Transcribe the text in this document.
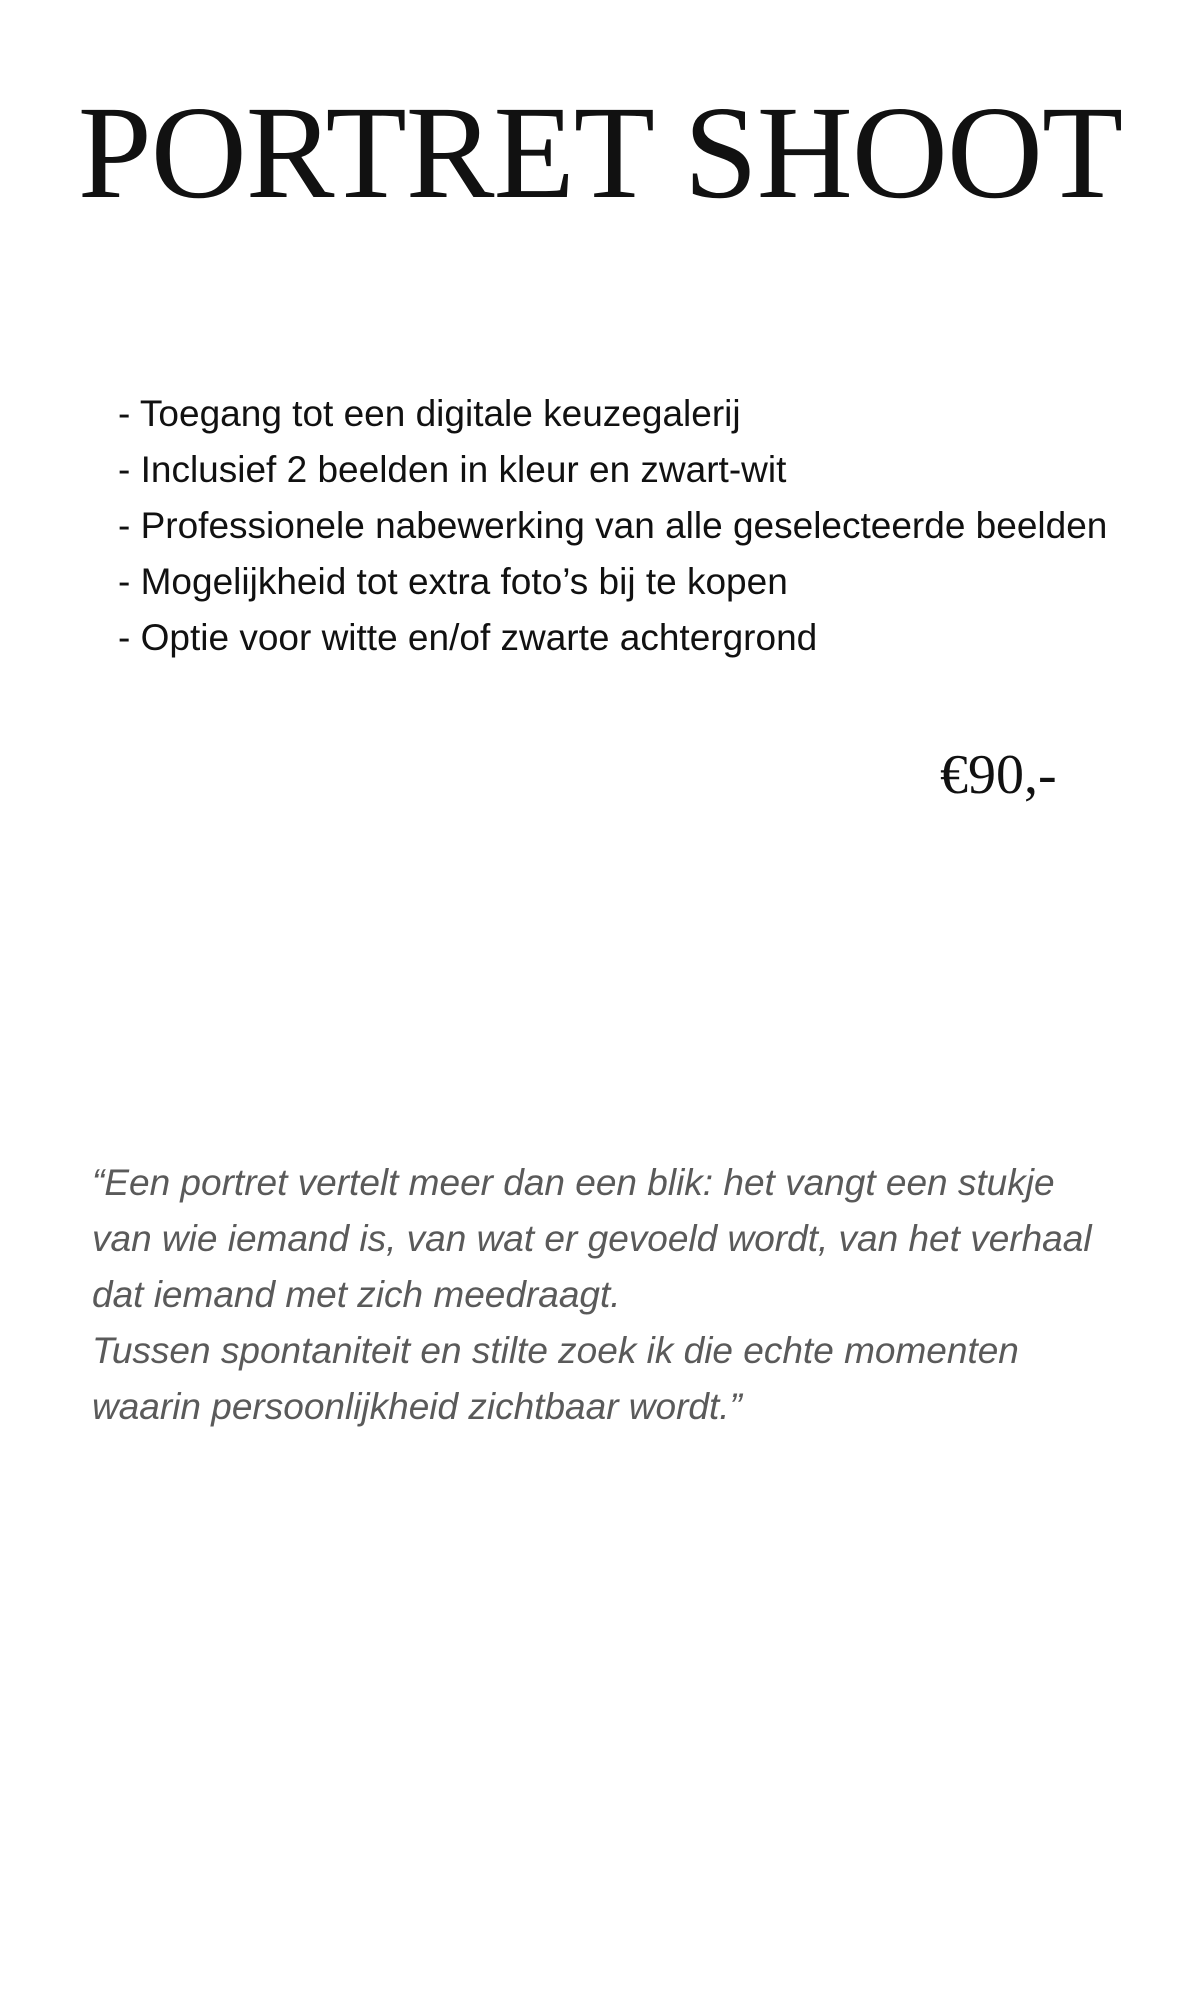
PORTRET SHOOT
- Toegang tot een digitale keuzegalerij
- Inclusief 2 beelden in kleur en zwart-wit
- Professionele nabewerking van alle geselecteerde beelden
- Mogelijkheid tot extra foto’s bij te kopen
- Optie voor witte en/of zwarte achtergrond

€90,-

“Een portret vertelt meer dan een blik: het vangt een stukje
van wie iemand is, van wat er gevoeld wordt, van het verhaal
dat iemand met zich meedraagt.
Tussen spontaniteit en stilte zoek ik die echte momenten
waarin persoonlijkheid zichtbaar wordt.”
